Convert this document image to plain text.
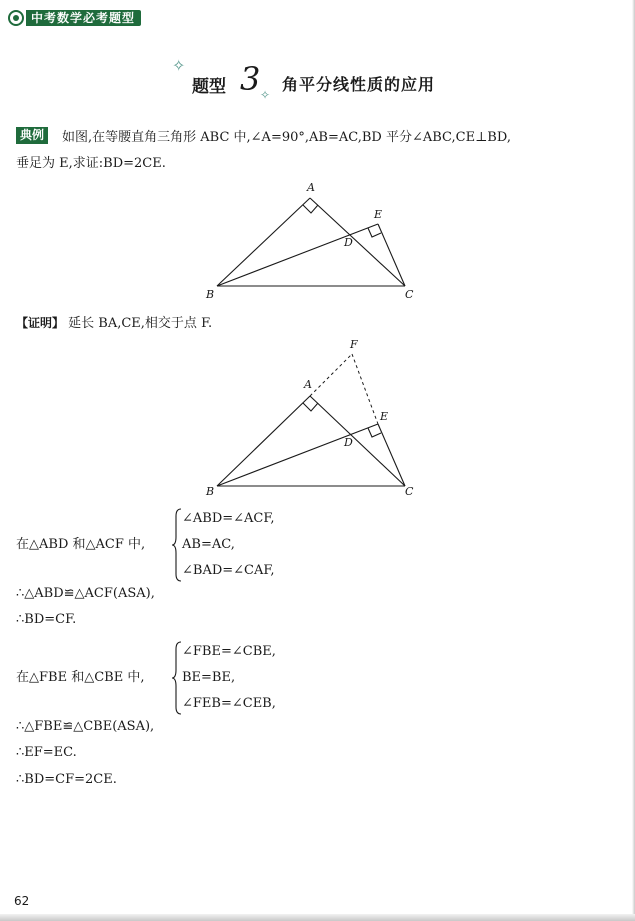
中考数学必考题型
✧
✧
题型 3 角平分线性质的应用
典例	如图,在等腰直角三角形 ABC 中,∠A=90°,AB=AC,BD 平分∠ABC,CE⊥BD,
垂足为 E,求证:BD=2CE.
A
B	C
D
E
【证明】 延长 BA,CE,相交于点 F.
F
A
B	C
D
E
在△ABD 和△ACF 中,
∠ABD=∠ACF,
AB=AC,
∠BAD=∠CAF,
∴△ABD≌△ACF(ASA),
∴BD=CF.
在△FBE 和△CBE 中,
∠FBE=∠CBE,
BE=BE,
∠FEB=∠CEB,
∴△FBE≌△CBE(ASA),
∴EF=EC.
∴BD=CF=2CE.
62
